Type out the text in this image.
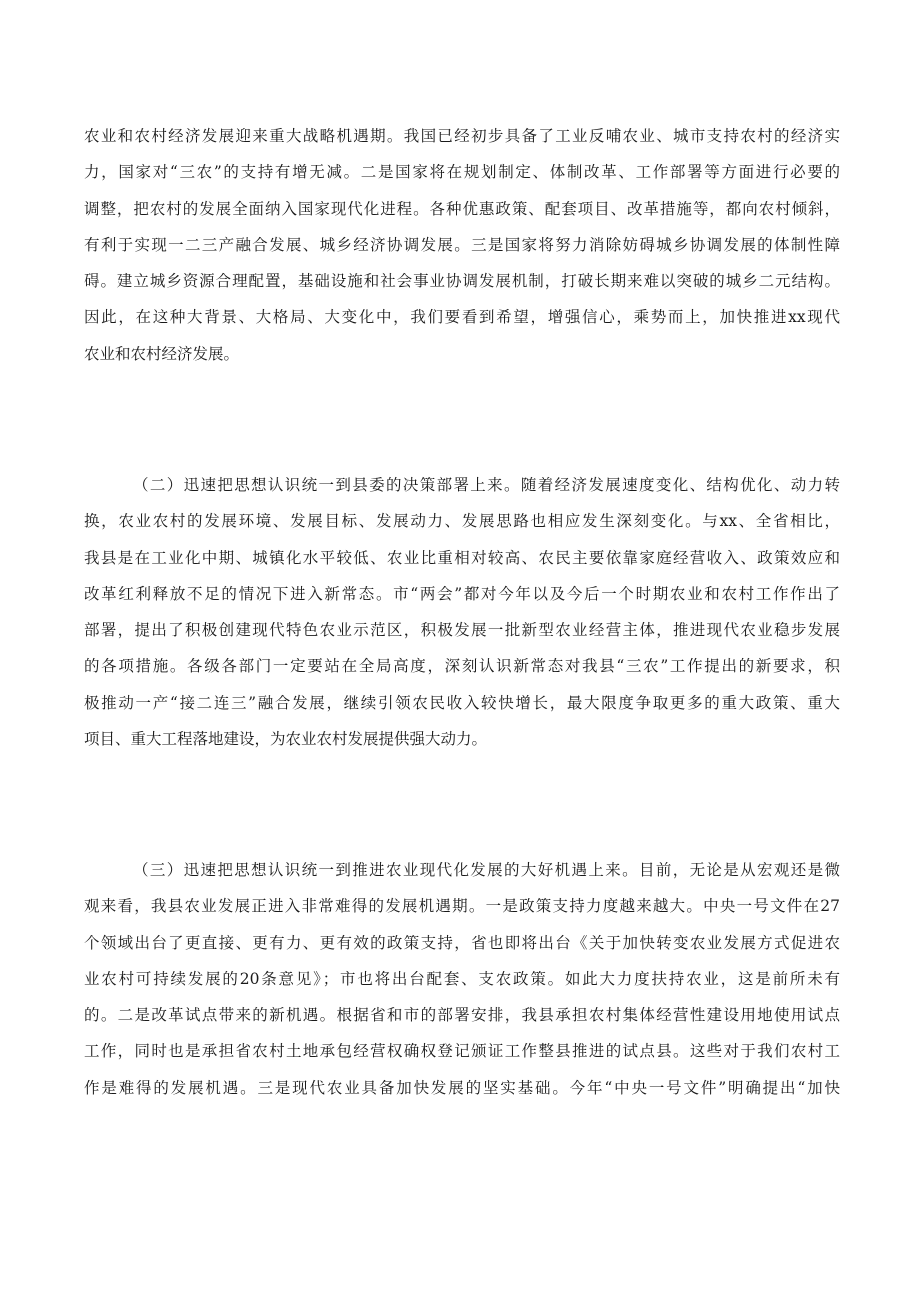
农业和农村经济发展迎来重大战略机遇期。我国已经初步具备了工业反哺农业、城市支持农村的经济实
力，国家对“三农”的支持有增无减。二是国家将在规划制定、体制改革、工作部署等方面进行必要的
调整，把农村的发展全面纳入国家现代化进程。各种优惠政策、配套项目、改革措施等，都向农村倾斜，
有利于实现一二三产融合发展、城乡经济协调发展。三是国家将努力消除妨碍城乡协调发展的体制性障
碍。建立城乡资源合理配置，基础设施和社会事业协调发展机制，打破长期来难以突破的城乡二元结构。
因此，在这种大背景、大格局、大变化中，我们要看到希望，增强信心，乘势而上，加快推进xx现代
农业和农村经济发展。
（二）迅速把思想认识统一到县委的决策部署上来。随着经济发展速度变化、结构优化、动力转
换，农业农村的发展环境、发展目标、发展动力、发展思路也相应发生深刻变化。与xx、全省相比，
我县是在工业化中期、城镇化水平较低、农业比重相对较高、农民主要依靠家庭经营收入、政策效应和
改革红利释放不足的情况下进入新常态。市“两会”都对今年以及今后一个时期农业和农村工作作出了
部署，提出了积极创建现代特色农业示范区，积极发展一批新型农业经营主体，推进现代农业稳步发展
的各项措施。各级各部门一定要站在全局高度，深刻认识新常态对我县“三农”工作提出的新要求，积
极推动一产“接二连三”融合发展，继续引领农民收入较快增长，最大限度争取更多的重大政策、重大
项目、重大工程落地建设，为农业农村发展提供强大动力。
（三）迅速把思想认识统一到推进农业现代化发展的大好机遇上来。目前，无论是从宏观还是微
观来看，我县农业发展正进入非常难得的发展机遇期。一是政策支持力度越来越大。中央一号文件在27
个领域出台了更直接、更有力、更有效的政策支持，省也即将出台《关于加快转变农业发展方式促进农
业农村可持续发展的20条意见》；市也将出台配套、支农政策。如此大力度扶持农业，这是前所未有
的。二是改革试点带来的新机遇。根据省和市的部署安排，我县承担农村集体经营性建设用地使用试点
工作，同时也是承担省农村土地承包经营权确权登记颁证工作整县推进的试点县。这些对于我们农村工
作是难得的发展机遇。三是现代农业具备加快发展的坚实基础。今年“中央一号文件”明确提出“加快
